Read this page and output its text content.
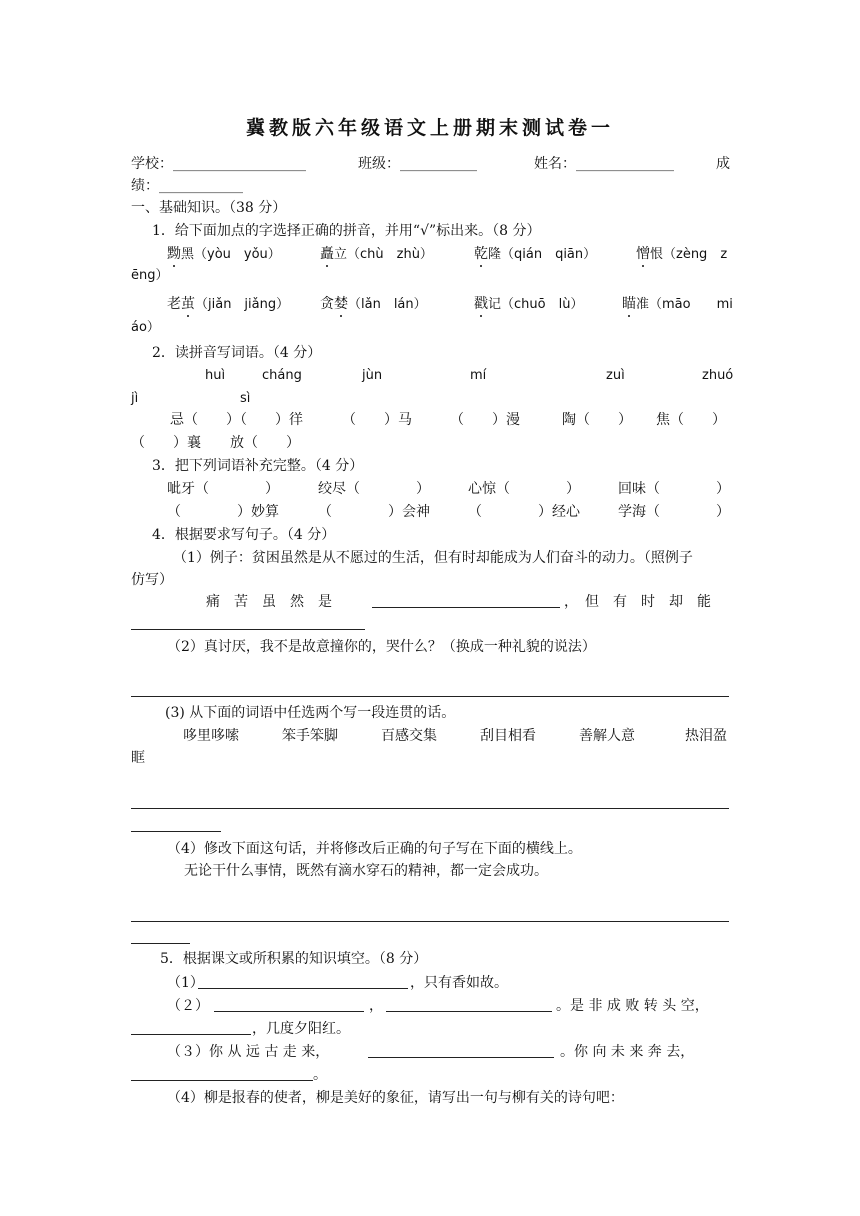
冀教版六年级语文上册期末测试卷一
学校：___________________	班级：___________	姓名：______________	成
绩：____________
一、基础知识。（38 分）
1．给下面加点的字选择正确的拼音，并用“√”标出来。（8 分）
黝黑（yòu　yǒu）	矗立（chù　zhù）	乾隆（qián　qiān）	憎恨（zèng　z
ēng）
老茧（jiǎn　jiǎng） 贪婪（lǎn　lán）	戳记（chuō　lù）	瞄准（māo　　mi
áo）
2．读拼音写词语。（4 分）
huì	cháng	jùn	mí	zuì	zhuó
jì	sì
忌（　　）（　　）徉	（　　）马	（　　）漫	陶（　　） 焦（　　）
（　　）襄 放（　　）
3．把下列词语补充完整。（4 分）
呲牙（　　　　）	绞尽（　　　　）	心惊（　　　　）	回味（　　　　）
（　　　　）妙算	（　　　　）会神	（　　　　）经心	学海（　　　　）
4．根据要求写句子。（4 分）
（1）例子：贫困虽然是从不愿过的生活，但有时却能成为人们奋斗的动力。（照例子
仿写）
痛　苦　虽　然　是	，　但　有　时　却　能
（2）真讨厌，我不是故意撞你的，哭什么？（换成一种礼貌的说法）
(3) 从下面的词语中任选两个写一段连贯的话。
哆里哆嗦	笨手笨脚	百感交集	刮目相看	善解人意	热泪盈
眶
（4）修改下面这句话，并将修改后正确的句子写在下面的横线上。
无论干什么事情，既然有滴水穿石的精神，都一定会成功。
5．根据课文或所积累的知识填空。（8 分）
（1）	，只有香如故。
（２）	，	。是 非 成 败 转 头 空，
，几度夕阳红。
（３）你 从 远 古 走 来，	。你 向 未 来 奔 去，
。
（4）柳是报春的使者，柳是美好的象征，请写出一句与柳有关的诗句吧：
